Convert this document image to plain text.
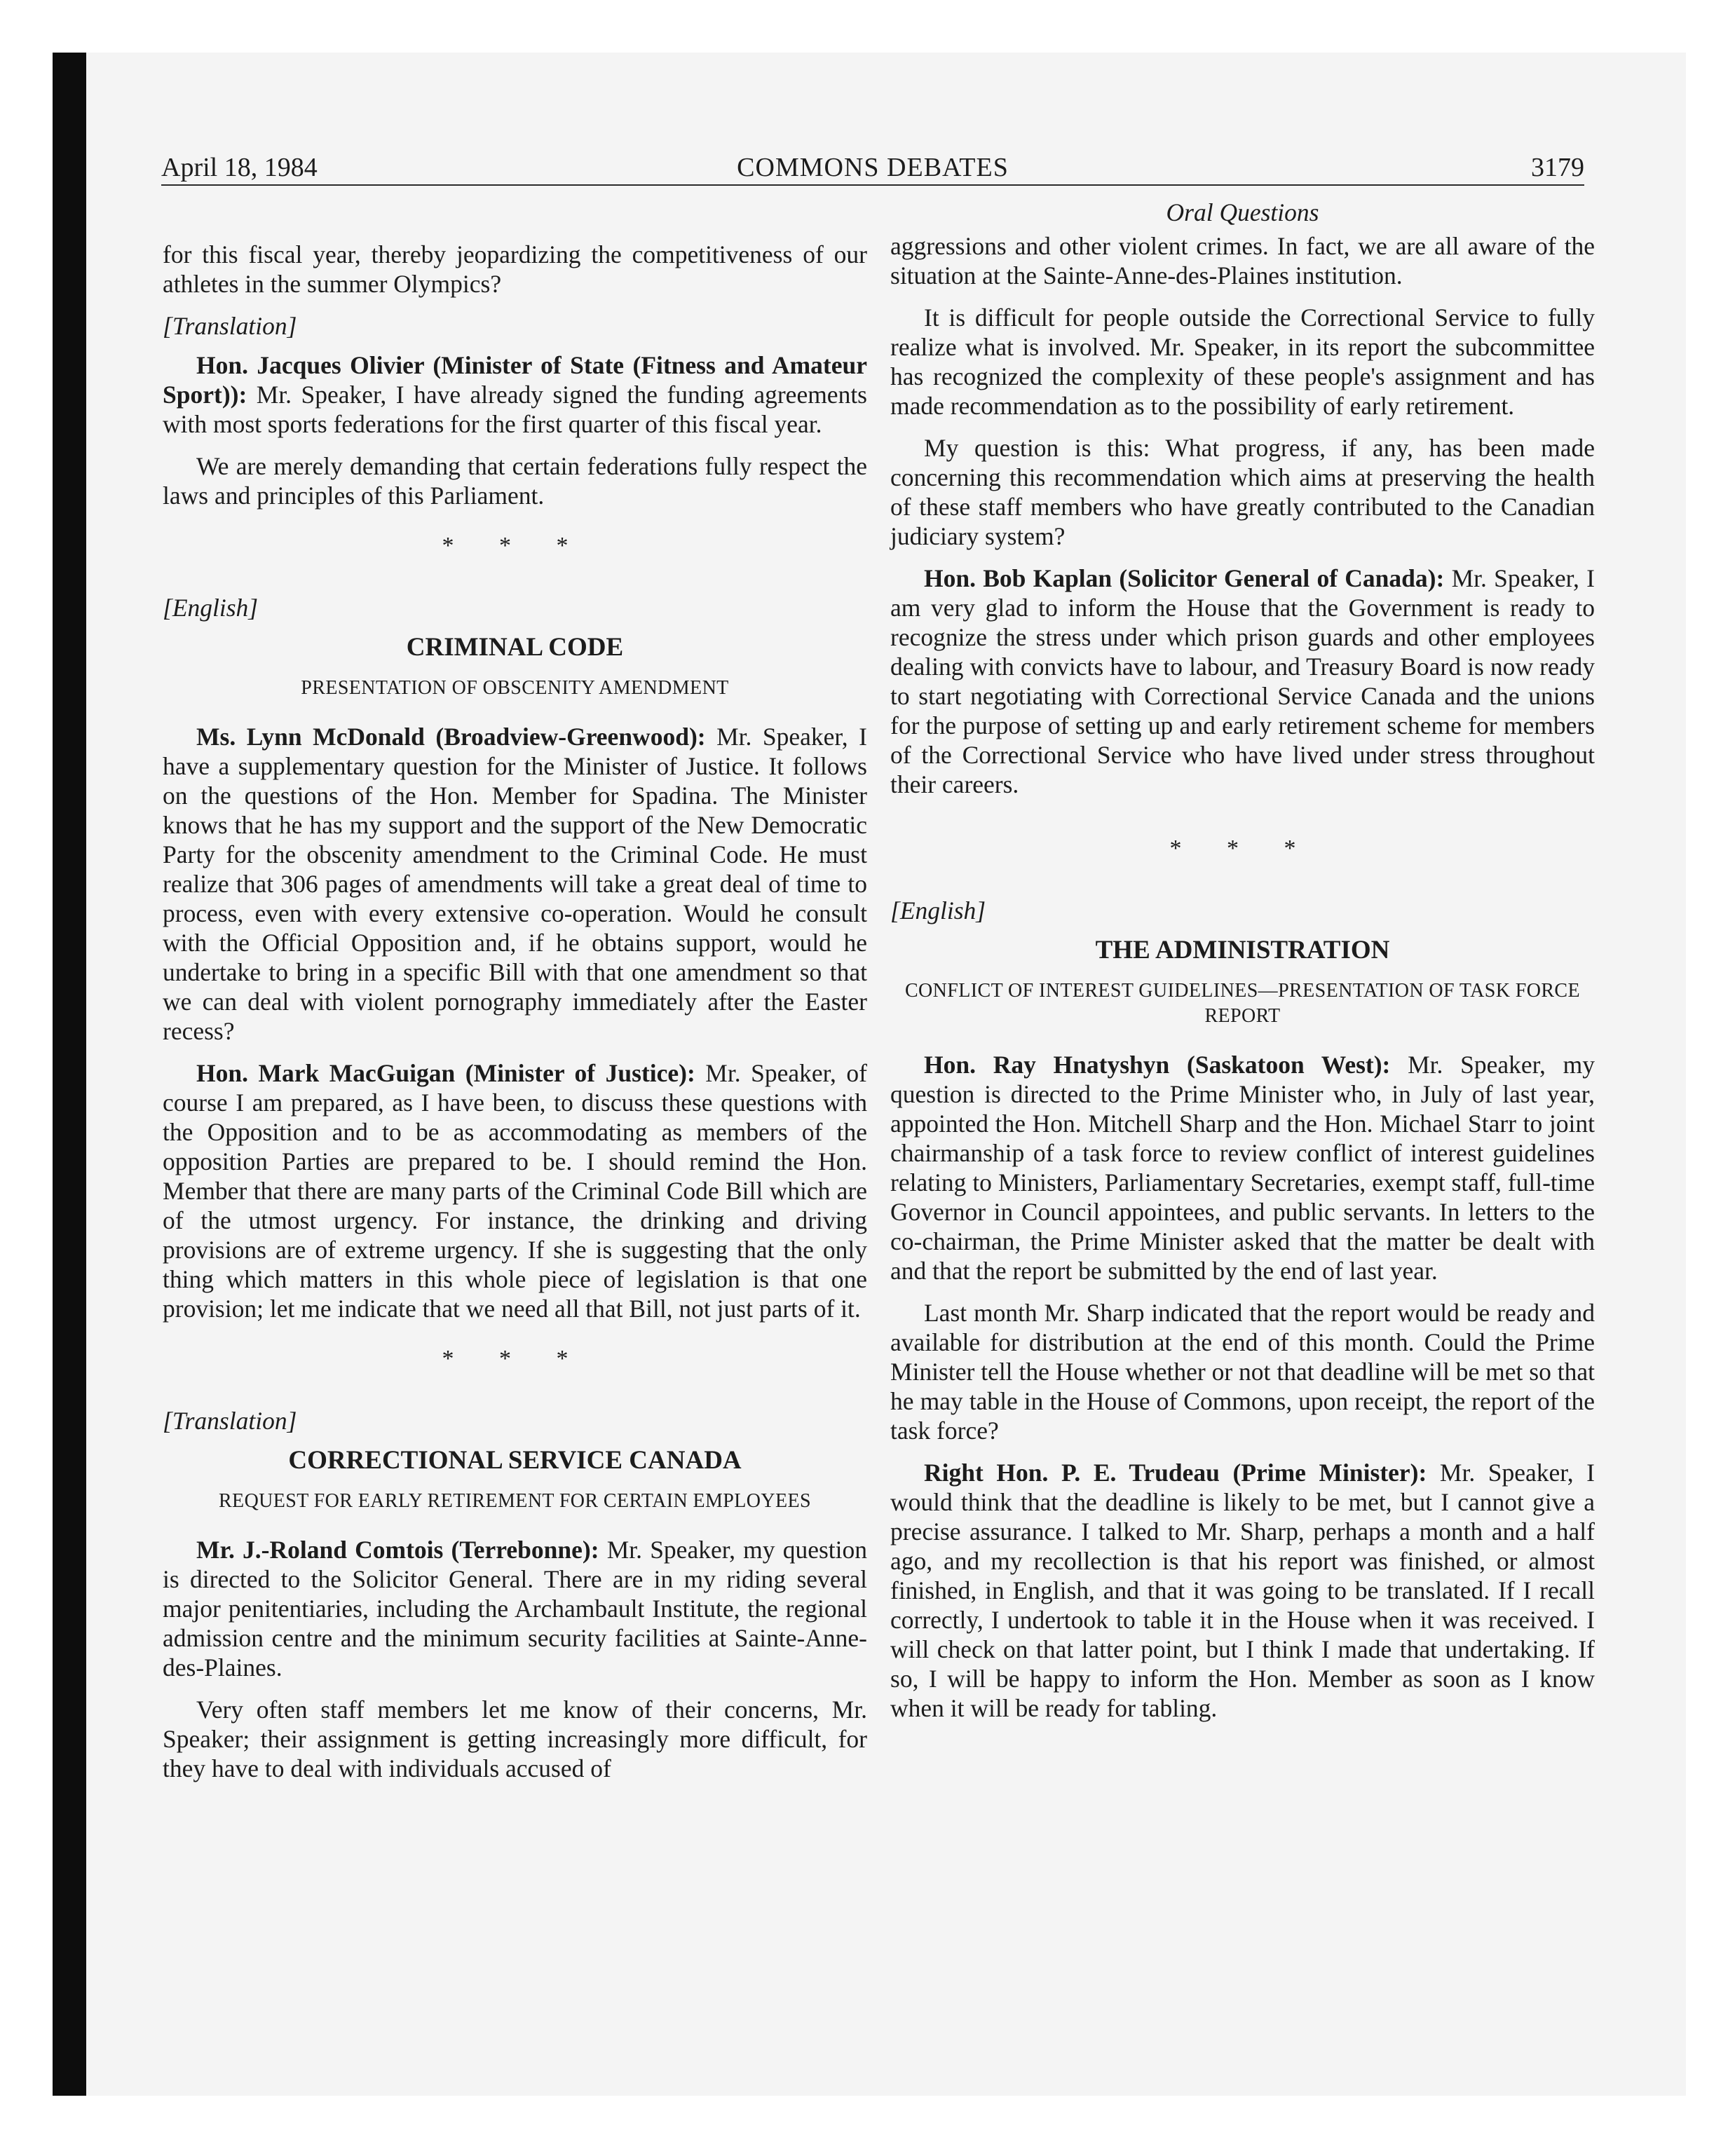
April 18, 1984	COMMONS DEBATES	3179

for this fiscal year, thereby jeopardizing the competitiveness of our athletes in the summer Olympics?

[Translation]

Hon. Jacques Olivier (Minister of State (Fitness and Amateur Sport)): Mr. Speaker, I have already signed the funding agreements with most sports federations for the first quarter of this fiscal year.

We are merely demanding that certain federations fully respect the laws and principles of this Parliament.

* * *
[English]
CRIMINAL CODE
PRESENTATION OF OBSCENITY AMENDMENT

Ms. Lynn McDonald (Broadview-Greenwood): Mr. Speaker, I have a supplementary question for the Minister of Justice. It follows on the questions of the Hon. Member for Spadina. The Minister knows that he has my support and the support of the New Democratic Party for the obscenity amendment to the Criminal Code. He must realize that 306 pages of amendments will take a great deal of time to process, even with every extensive co-operation. Would he consult with the Official Opposition and, if he obtains support, would he undertake to bring in a specific Bill with that one amendment so that we can deal with violent pornography immediately after the Easter recess?

Hon. Mark MacGuigan (Minister of Justice): Mr. Speaker, of course I am prepared, as I have been, to discuss these questions with the Opposition and to be as accommodating as members of the opposition Parties are prepared to be. I should remind the Hon. Member that there are many parts of the Criminal Code Bill which are of the utmost urgency. For instance, the drinking and driving provisions are of extreme urgency. If she is suggesting that the only thing which matters in this whole piece of legislation is that one provision; let me indicate that we need all that Bill, not just parts of it.

* * *
[Translation]
CORRECTIONAL SERVICE CANADA
REQUEST FOR EARLY RETIREMENT FOR CERTAIN EMPLOYEES

Mr. J.-Roland Comtois (Terrebonne): Mr. Speaker, my question is directed to the Solicitor General. There are in my riding several major penitentiaries, including the Archambault Institute, the regional admission centre and the minimum security facilities at Sainte-Anne-des-Plaines.

Very often staff members let me know of their concerns, Mr. Speaker; their assignment is getting increasingly more difficult, for they have to deal with individuals accused of

Oral Questions

aggressions and other violent crimes. In fact, we are all aware of the situation at the Sainte-Anne-des-Plaines institution.

It is difficult for people outside the Correctional Service to fully realize what is involved. Mr. Speaker, in its report the subcommittee has recognized the complexity of these people's assignment and has made recommendation as to the possibility of early retirement.

My question is this: What progress, if any, has been made concerning this recommendation which aims at preserving the health of these staff members who have greatly contributed to the Canadian judiciary system?

Hon. Bob Kaplan (Solicitor General of Canada): Mr. Speaker, I am very glad to inform the House that the Government is ready to recognize the stress under which prison guards and other employees dealing with convicts have to labour, and Treasury Board is now ready to start negotiating with Correctional Service Canada and the unions for the purpose of setting up and early retirement scheme for members of the Correctional Service who have lived under stress throughout their careers.

* * *
[English]
THE ADMINISTRATION
CONFLICT OF INTEREST GUIDELINES—PRESENTATION OF TASK FORCE REPORT

Hon. Ray Hnatyshyn (Saskatoon West): Mr. Speaker, my question is directed to the Prime Minister who, in July of last year, appointed the Hon. Mitchell Sharp and the Hon. Michael Starr to joint chairmanship of a task force to review conflict of interest guidelines relating to Ministers, Parliamentary Secretaries, exempt staff, full-time Governor in Council appointees, and public servants. In letters to the co-chairman, the Prime Minister asked that the matter be dealt with and that the report be submitted by the end of last year.

Last month Mr. Sharp indicated that the report would be ready and available for distribution at the end of this month. Could the Prime Minister tell the House whether or not that deadline will be met so that he may table in the House of Commons, upon receipt, the report of the task force?

Right Hon. P. E. Trudeau (Prime Minister): Mr. Speaker, I would think that the deadline is likely to be met, but I cannot give a precise assurance. I talked to Mr. Sharp, perhaps a month and a half ago, and my recollection is that his report was finished, or almost finished, in English, and that it was going to be translated. If I recall correctly, I undertook to table it in the House when it was received. I will check on that latter point, but I think I made that undertaking. If so, I will be happy to inform the Hon. Member as soon as I know when it will be ready for tabling.
